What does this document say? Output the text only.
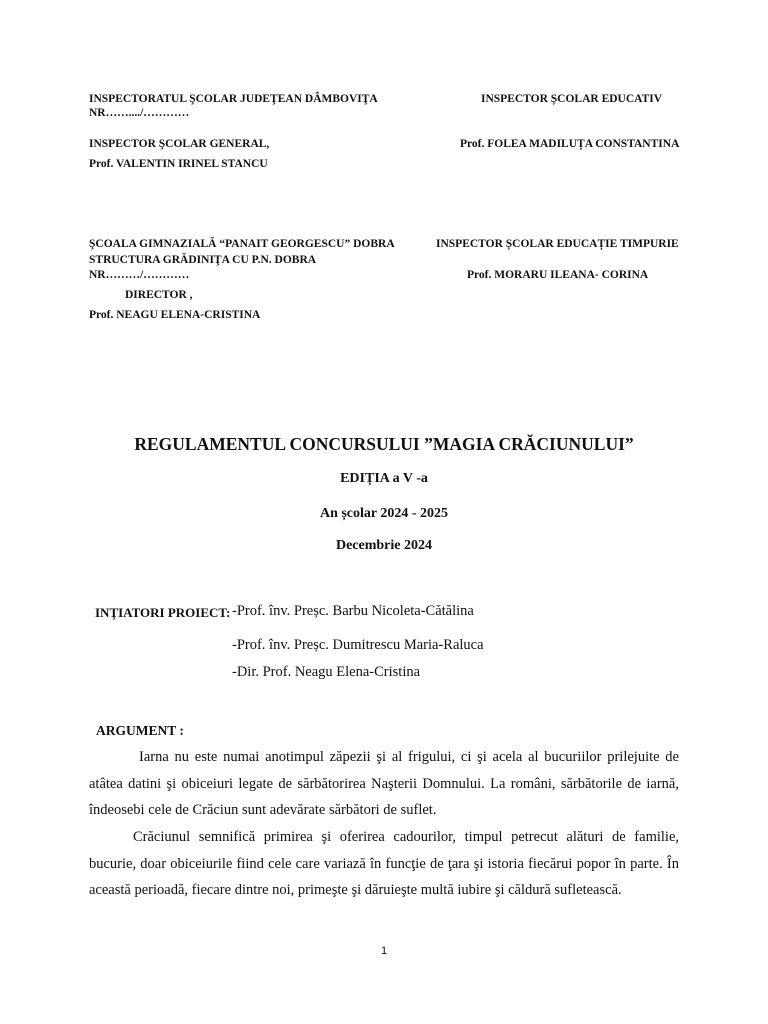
INSPECTORATUL ŞCOLAR JUDEŢEAN DÂMBOVIŢA
NR……..../…………
INSPECTOR ŞCOLAR GENERAL,
Prof. VALENTIN IRINEL STANCU
INSPECTOR ȘCOLAR EDUCATIV
Prof. FOLEA MADILUȚA CONSTANTINA
ŞCOALA GIMNAZIALĂ “PANAIT GEORGESCU” DOBRA
STRUCTURA GRĂDINIŢA CU P.N. DOBRA
NR………/…………
DIRECTOR ,
Prof. NEAGU ELENA-CRISTINA
INSPECTOR ȘCOLAR EDUCAȚIE TIMPURIE
Prof. MORARU ILEANA- CORINA
REGULAMENTUL CONCURSULUI ”MAGIA CRĂCIUNULUI”
EDIȚIA a V -a
An școlar 2024 - 2025
Decembrie 2024
INŢIATORI PROIECT: -Prof. înv. Preșc. Barbu Nicoleta-Cătălina
-Prof. înv. Preșc. Dumitrescu Maria-Raluca
-Dir. Prof. Neagu Elena-Cristina
ARGUMENT :
Iarna nu este numai anotimpul zăpezii şi al frigului, ci şi acela al bucuriilor prilejuite de atâtea datini şi obiceiuri legate de sărbătorirea Naşterii Domnului. La români, sărbătorile de iarnă, îndeosebi cele de Crăciun sunt adevărate sărbători de suflet.
Crăciunul semnifică primirea şi oferirea cadourilor, timpul petrecut alături de familie, bucurie, doar obiceiurile fiind cele care variază în funcţie de ţara şi istoria fiecărui popor în parte. În această perioadă, fiecare dintre noi, primeşte şi dăruieşte multă iubire şi căldură sufletească.
1
